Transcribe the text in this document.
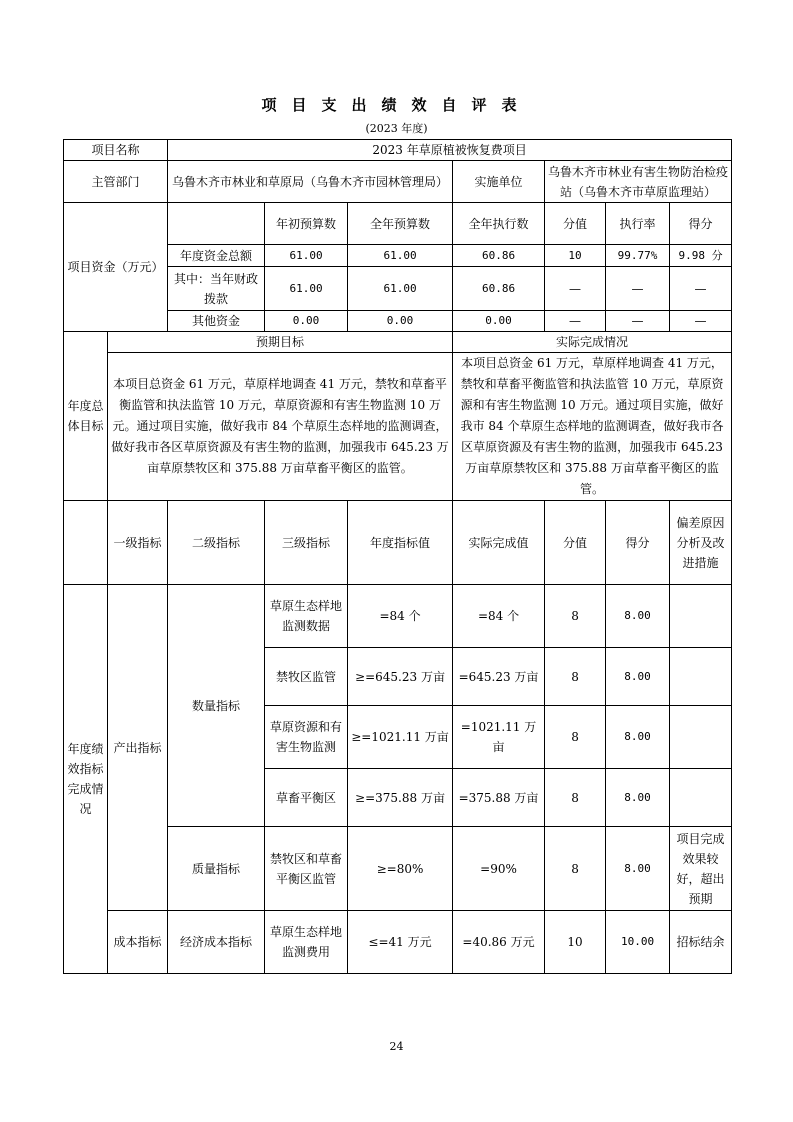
项目支出绩效自评表
(2023 年度)
项目名称		2023 年草原植被恢复费项目						
主管部门		乌鲁木齐市林业和草原局（乌鲁木齐市园林管理局）			实施单位	乌鲁木齐市林业有害生物防治检疫站（乌鲁木齐市草原监理站）		
项目资金（万元）			年初预算数	全年预算数	全年执行数	分值	执行率	得分
		年度资金总额	61.00	61.00	60.86	10	99.77%	9.98 分
		其中：当年财政拨款	61.00	61.00	60.86	—	—	—
		其他资金	0.00	0.00	0.00	—	—	—
年度总体目标	预期目标				实际完成情况			
	本项目总资金 61 万元，草原样地调查 41 万元，禁牧和草畜平衡监管和执法监管 10 万元，草原资源和有害生物监测 10 万元。通过项目实施，做好我市 84 个草原生态样地的监测调查，做好我市各区草原资源及有害生物的监测，加强我市 645.23 万亩草原禁牧区和 375.88 万亩草畜平衡区的监管。				本项目总资金 61 万元，草原样地调查 41 万元，禁牧和草畜平衡监管和执法监管 10 万元，草原资源和有害生物监测 10 万元。通过项目实施，做好我市 84 个草原生态样地的监测调查，做好我市各区草原资源及有害生物的监测，加强我市 645.23 万亩草原禁牧区和 375.88 万亩草畜平衡区的监管。			
	一级指标	二级指标	三级指标	年度指标值	实际完成值	分值	得分	偏差原因分析及改进措施
年度绩效指标完成情况	产出指标	数量指标	草原生态样地监测数据	=84 个	=84 个	8	8.00	
			禁牧区监管	≥=645.23 万亩	=645.23 万亩	8	8.00	
			草原资源和有害生物监测	≥=1021.11 万亩	=1021.11 万亩	8	8.00	
			草畜平衡区	≥=375.88 万亩	=375.88 万亩	8	8.00	
		质量指标	禁牧区和草畜平衡区监管	≥=80%	=90%	8	8.00	项目完成效果较好，超出预期
	成本指标	经济成本指标	草原生态样地监测费用	≤=41 万元	=40.86 万元	10	10.00	招标结余
24
